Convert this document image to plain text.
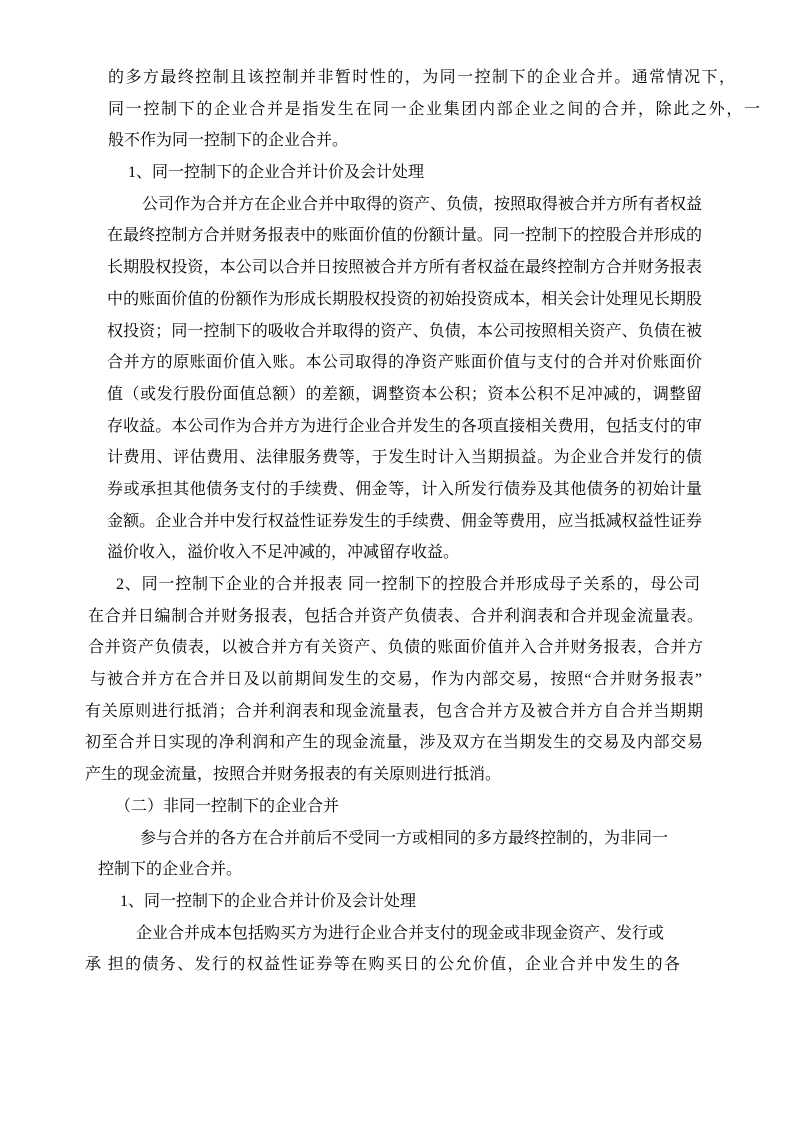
的多方最终控制且该控制并非暂时性的，为同一控制下的企业合并。通常情况下，
同一控制下的企业合并是指发生在同一企业集团内部企业之间的合并，除此之外，一
般不作为同一控制下的企业合并。
1、同一控制下的企业合并计价及会计处理
公司作为合并方在企业合并中取得的资产、负债，按照取得被合并方所有者权益
在最终控制方合并财务报表中的账面价值的份额计量。同一控制下的控股合并形成的
长期股权投资，本公司以合并日按照被合并方所有者权益在最终控制方合并财务报表
中的账面价值的份额作为形成长期股权投资的初始投资成本，相关会计处理见长期股
权投资；同一控制下的吸收合并取得的资产、负债，本公司按照相关资产、负债在被
合并方的原账面价值入账。本公司取得的净资产账面价值与支付的合并对价账面价
值（或发行股份面值总额）的差额，调整资本公积；资本公积不足冲减的，调整留
存收益。本公司作为合并方为进行企业合并发生的各项直接相关费用，包括支付的审
计费用、评估费用、法律服务费等，于发生时计入当期损益。为企业合并发行的债
券或承担其他债务支付的手续费、佣金等，计入所发行债券及其他债务的初始计量
金额。企业合并中发行权益性证券发生的手续费、佣金等费用，应当抵减权益性证券
溢价收入，溢价收入不足冲减的，冲减留存收益。
2、同一控制下企业的合并报表 同一控制下的控股合并形成母子关系的，母公司
在合并日编制合并财务报表，包括合并资产负债表、合并利润表和合并现金流量表。
合并资产负债表，以被合并方有关资产、负债的账面价值并入合并财务报表，合并方
与被合并方在合并日及以前期间发生的交易，作为内部交易，按照“合并财务报表”
有关原则进行抵消；合并利润表和现金流量表，包含合并方及被合并方自合并当期期
初至合并日实现的净利润和产生的现金流量，涉及双方在当期发生的交易及内部交易
产生的现金流量，按照合并财务报表的有关原则进行抵消。
（二）非同一控制下的企业合并
参与合并的各方在合并前后不受同一方或相同的多方最终控制的，为非同一
控制下的企业合并。
1、同一控制下的企业合并计价及会计处理
企业合并成本包括购买方为进行企业合并支付的现金或非现金资产、发行或
承 担的债务、发行的权益性证券等在购买日的公允价值，企业合并中发生的各
